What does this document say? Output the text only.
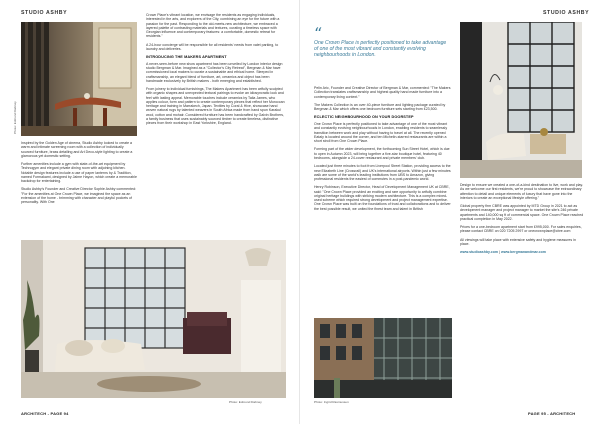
STUDIO ASHBY
Photo: Edmund Dabney

Inspired by the Golden Age of cinema, Studio Ashby looked to create a warm and intimate screening room with a collection of individually sourced furniture, brass detailing and Art Deco-style lighting to create a glamorous yet domestic setting.

Further amenities include a gym with state-of-the-art equipment by Technogym and elegant private dining room with adjoining kitchen. Notable design features include a use of paper lanterns by & Tradition, named Formakami, designed by Jaime Hayon, which create a memorable backdrop for entertaining.

Studio Ashby's Founder and Creative Director Sophie Ashby commented: "For the amenities at One Crown Place, we imagined the space as an extension of the home - brimming with character and playful pockets of personality. With One

Crown Place's vibrant location, we envisage the residents as engaging individuals, interested in the arts, and explorers of the City, combining an eye for the future with a passion for the past. Responding to the old-meets-new architecture, we embraced a layered palette of contrasting materials and textures, curating a timeless space with Georgian influence and contemporary features: a comfortable, domestic retreat for residents."

A 24-hour concierge will be responsible for all residents' needs from valet parking, to laundry and deliveries.

INTRODUCING THE MAKERS APARTMENT

A never-seen-before new show apartment has been unveiled by London interior design studio Bergman & Mar. Imagined as a "Collector's City Retreat", Bergman & Mar have commissioned local makers to curate a sustainable and ethical home. Steeped in craftsmanship, an elegant blend of furniture, art, ceramics and object has been handmade exclusively by British makers - both emerging and established.

From joinery to individual furnishings, The Makers Apartment has been artfully sculpted with organic shapes and unexpected textural pairings to evoke an idiosyncratic look and feel with lasting appeal. Memorable touches include ceramics by Talia James, who applies colour, form and pattern to create contemporary pieces that reflect her Moroccan heritage and training in Marrakech, Japan. Textiles by Coral & Hive, showcase hand woven natural rugs by talented weavers in South Africa made from hand spun Karakul wool, cotton and mohair. Considered furniture has been handcrafted by Galvin Brothers, a family business that uses sustainably sourced timber to create timeless, distinctive pieces from their workshop in East Yorkshire, England.

Photo: Edmund Dabney
ARCHITECH - PAGE 94
STUDIO ASHBY
“
One Crown Place is perfectly positioned to take advantage of one of the most vibrant and constantly evolving neighbourhoods in London.

Pelin Aric, Founder and Creative Director of Bergman & Mar, commented: "The Makers Collection translates craftsmanship and highest quality hand made furniture into a contemporary living context."

The Makers Collection is an over 40-piece furniture and lighting package curated by Bergman & Mar which offers one bedroom furniture sets starting from £23,500.

ECLECTIC NEIGHBOURHOOD ON YOUR DOORSTEP

One Crown Place is perfectly positioned to take advantage of one of the most vibrant and constantly evolving neighbourhoods in London, enabling residents to seamlessly transition between work and play without having to travel at all. The recently opened Eataly is located around the corner, and ten Michelin-starred restaurants are within a short stroll from One Crown Place.

Forming part of the wider development, the forthcoming Sun Street Hotel, which is due to open in Autumn 2023, will bring together a five-star boutique hotel, featuring 40 bedrooms, alongside a 24-cover restaurant and private members' club.

Located just three minutes to foot from Liverpool Street Station, providing access to the new Elizabeth Line (Crossrail) and UK's international airports. Within just a few minutes walk are some of the world's leading institutions from UBS to Amazon, giving professional residents the easiest of commutes in a post-pandemic world.

Henry Robinson, Executive Director, Head of Development Management UK at CBRE, said: "One Crown Place provided an exciting and rare opportunity to artfully combine original heritage buildings with striking modern architecture. This is a complex mixed-used scheme which required strong development and project management expertise. One Crown Place was built on the foundations of trust and collaborations and to deliver the best possible result, we united the finest team and talent in British

Photo: Ingrid Rasmussen

Design to ensure we created a one-of-a-kind destination to live, work and play. As we welcome our first residents, we're proud to showcase the extraordinary

attention to detail and unique elements of luxury that have gone into the interiors to create an exceptional lifestyle offering."

Global property firm CBRE was appointed by MTD Group in 2021 to act as development manager and project manager to market the site's 246 private apartments and 140,000 sq ft of commercial space. One Crown Place reached practical completion in May 2022.

Prices for a one-bedroom apartment start from £995,000. For sales enquiries, please contact CBRE on 020 7205 2997 or onecrownplace@cbre.com

All viewings will take place with extensive safety and hygiene measures in place.

www.studioashby.com | www.bergmanandmar.com

PAGE 95 - ARCHITECH
